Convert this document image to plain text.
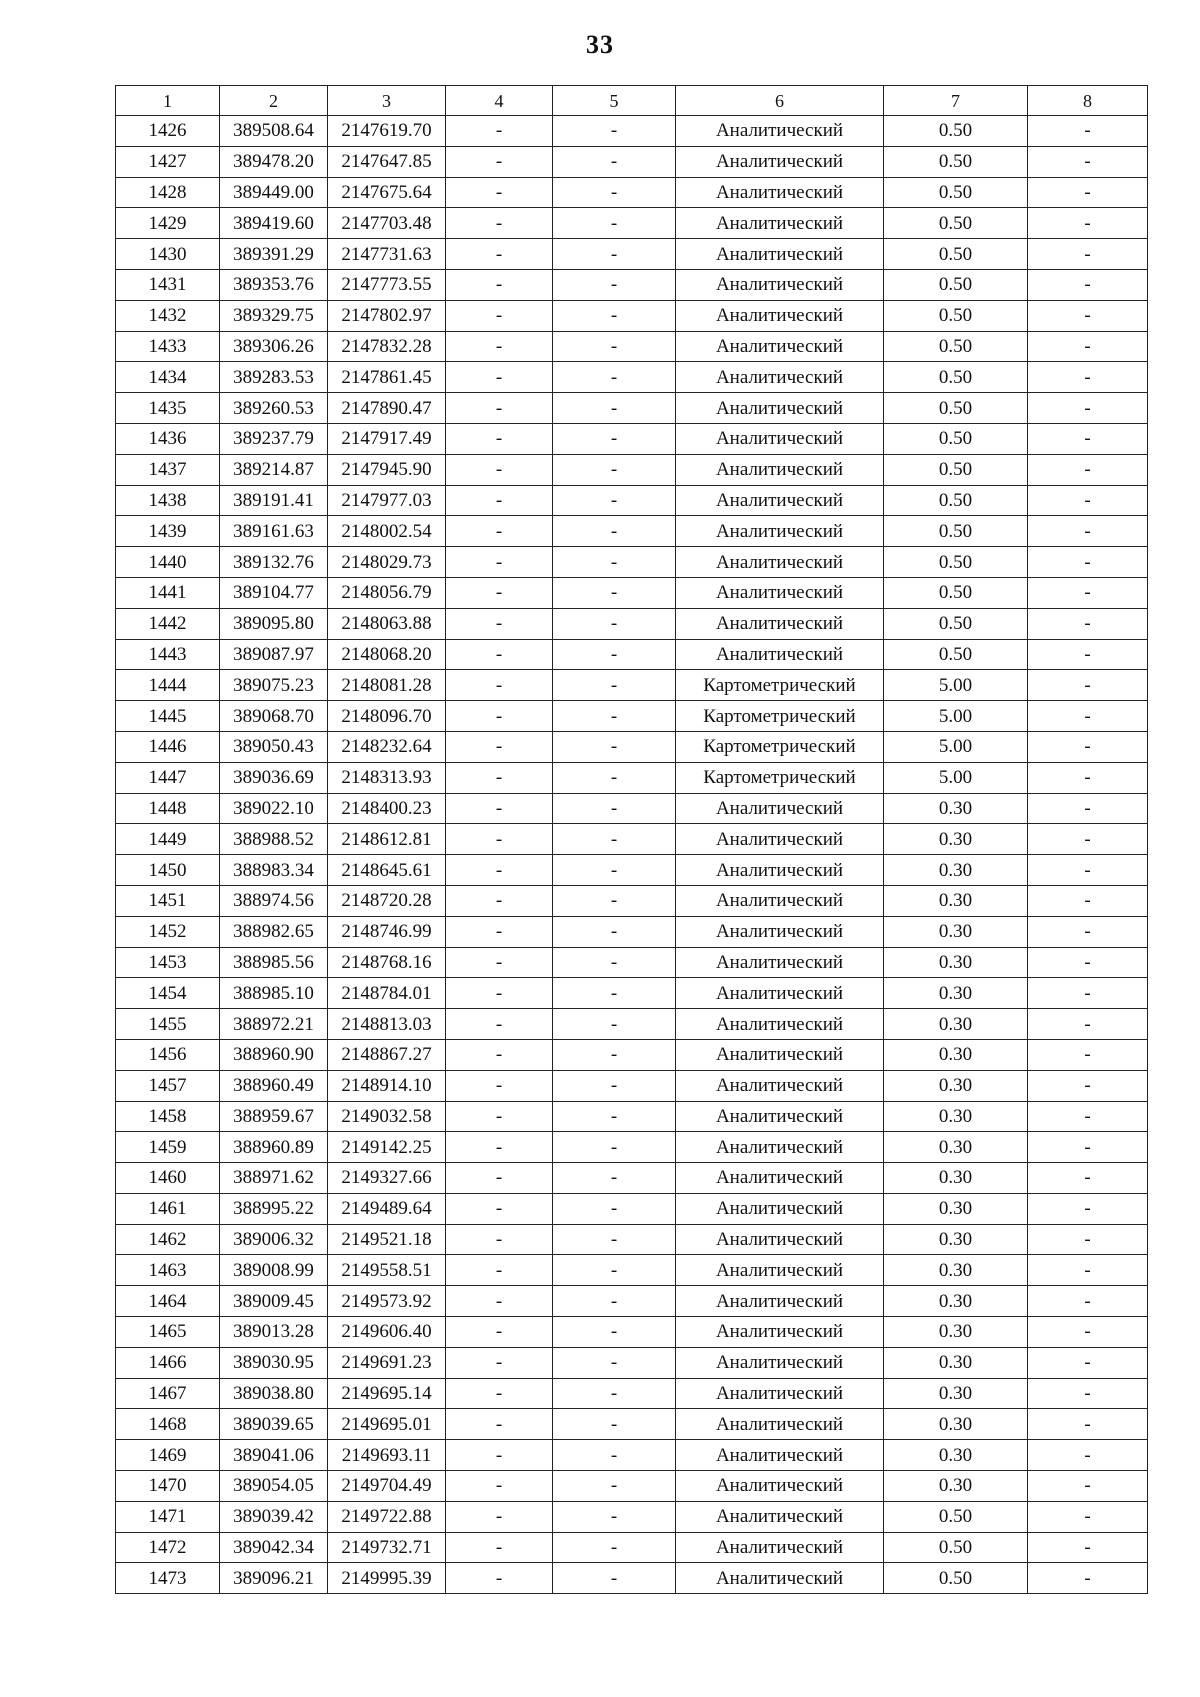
33
1	2	3	4	5	6	7	8
1426	389508.64	2147619.70	-	-	Аналитический	0.50	-
1427	389478.20	2147647.85	-	-	Аналитический	0.50	-
1428	389449.00	2147675.64	-	-	Аналитический	0.50	-
1429	389419.60	2147703.48	-	-	Аналитический	0.50	-
1430	389391.29	2147731.63	-	-	Аналитический	0.50	-
1431	389353.76	2147773.55	-	-	Аналитический	0.50	-
1432	389329.75	2147802.97	-	-	Аналитический	0.50	-
1433	389306.26	2147832.28	-	-	Аналитический	0.50	-
1434	389283.53	2147861.45	-	-	Аналитический	0.50	-
1435	389260.53	2147890.47	-	-	Аналитический	0.50	-
1436	389237.79	2147917.49	-	-	Аналитический	0.50	-
1437	389214.87	2147945.90	-	-	Аналитический	0.50	-
1438	389191.41	2147977.03	-	-	Аналитический	0.50	-
1439	389161.63	2148002.54	-	-	Аналитический	0.50	-
1440	389132.76	2148029.73	-	-	Аналитический	0.50	-
1441	389104.77	2148056.79	-	-	Аналитический	0.50	-
1442	389095.80	2148063.88	-	-	Аналитический	0.50	-
1443	389087.97	2148068.20	-	-	Аналитический	0.50	-
1444	389075.23	2148081.28	-	-	Картометрический	5.00	-
1445	389068.70	2148096.70	-	-	Картометрический	5.00	-
1446	389050.43	2148232.64	-	-	Картометрический	5.00	-
1447	389036.69	2148313.93	-	-	Картометрический	5.00	-
1448	389022.10	2148400.23	-	-	Аналитический	0.30	-
1449	388988.52	2148612.81	-	-	Аналитический	0.30	-
1450	388983.34	2148645.61	-	-	Аналитический	0.30	-
1451	388974.56	2148720.28	-	-	Аналитический	0.30	-
1452	388982.65	2148746.99	-	-	Аналитический	0.30	-
1453	388985.56	2148768.16	-	-	Аналитический	0.30	-
1454	388985.10	2148784.01	-	-	Аналитический	0.30	-
1455	388972.21	2148813.03	-	-	Аналитический	0.30	-
1456	388960.90	2148867.27	-	-	Аналитический	0.30	-
1457	388960.49	2148914.10	-	-	Аналитический	0.30	-
1458	388959.67	2149032.58	-	-	Аналитический	0.30	-
1459	388960.89	2149142.25	-	-	Аналитический	0.30	-
1460	388971.62	2149327.66	-	-	Аналитический	0.30	-
1461	388995.22	2149489.64	-	-	Аналитический	0.30	-
1462	389006.32	2149521.18	-	-	Аналитический	0.30	-
1463	389008.99	2149558.51	-	-	Аналитический	0.30	-
1464	389009.45	2149573.92	-	-	Аналитический	0.30	-
1465	389013.28	2149606.40	-	-	Аналитический	0.30	-
1466	389030.95	2149691.23	-	-	Аналитический	0.30	-
1467	389038.80	2149695.14	-	-	Аналитический	0.30	-
1468	389039.65	2149695.01	-	-	Аналитический	0.30	-
1469	389041.06	2149693.11	-	-	Аналитический	0.30	-
1470	389054.05	2149704.49	-	-	Аналитический	0.30	-
1471	389039.42	2149722.88	-	-	Аналитический	0.50	-
1472	389042.34	2149732.71	-	-	Аналитический	0.50	-
1473	389096.21	2149995.39	-	-	Аналитический	0.50	-
